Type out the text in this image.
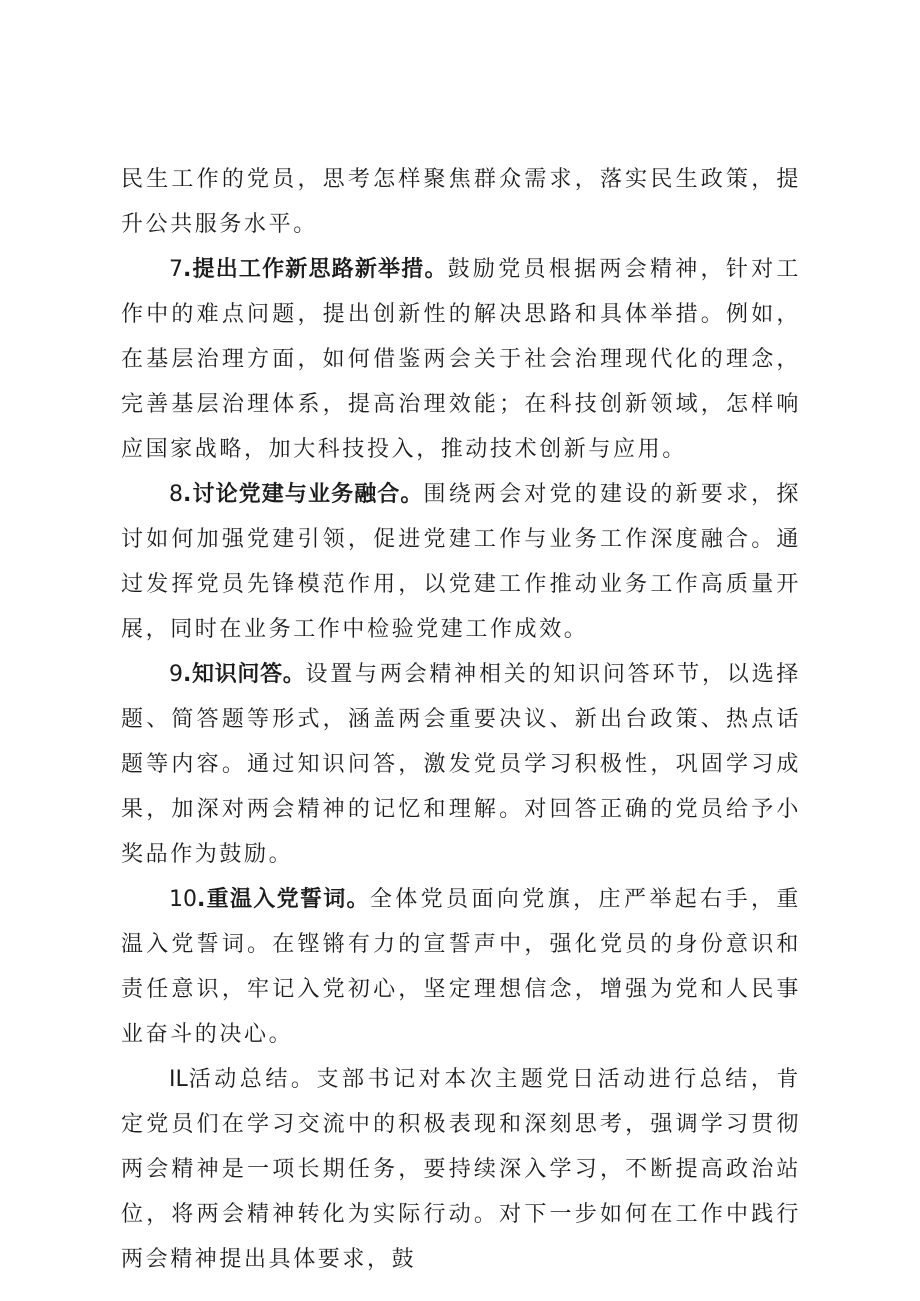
民生工作的党员，思考怎样聚焦群众需求，落实民生政策，提升公共服务水平。

7.提出工作新思路新举措。鼓励党员根据两会精神，针对工作中的难点问题，提出创新性的解决思路和具体举措。例如，在基层治理方面，如何借鉴两会关于社会治理现代化的理念，完善基层治理体系，提高治理效能；在科技创新领域，怎样响应国家战略，加大科技投入，推动技术创新与应用。

8.讨论党建与业务融合。围绕两会对党的建设的新要求，探讨如何加强党建引领，促进党建工作与业务工作深度融合。通过发挥党员先锋模范作用，以党建工作推动业务工作高质量开展，同时在业务工作中检验党建工作成效。

9.知识问答。设置与两会精神相关的知识问答环节，以选择题、简答题等形式，涵盖两会重要决议、新出台政策、热点话题等内容。通过知识问答，激发党员学习积极性，巩固学习成果，加深对两会精神的记忆和理解。对回答正确的党员给予小奖品作为鼓励。

10.重温入党誓词。全体党员面向党旗，庄严举起右手，重温入党誓词。在铿锵有力的宣誓声中，强化党员的身份意识和责任意识，牢记入党初心，坚定理想信念，增强为党和人民事业奋斗的决心。

IL活动总结。支部书记对本次主题党日活动进行总结，肯定党员们在学习交流中的积极表现和深刻思考，强调学习贯彻两会精神是一项长期任务，要持续深入学习，不断提高政治站位，将两会精神转化为实际行动。对下一步如何在工作中践行两会精神提出具体要求，鼓
